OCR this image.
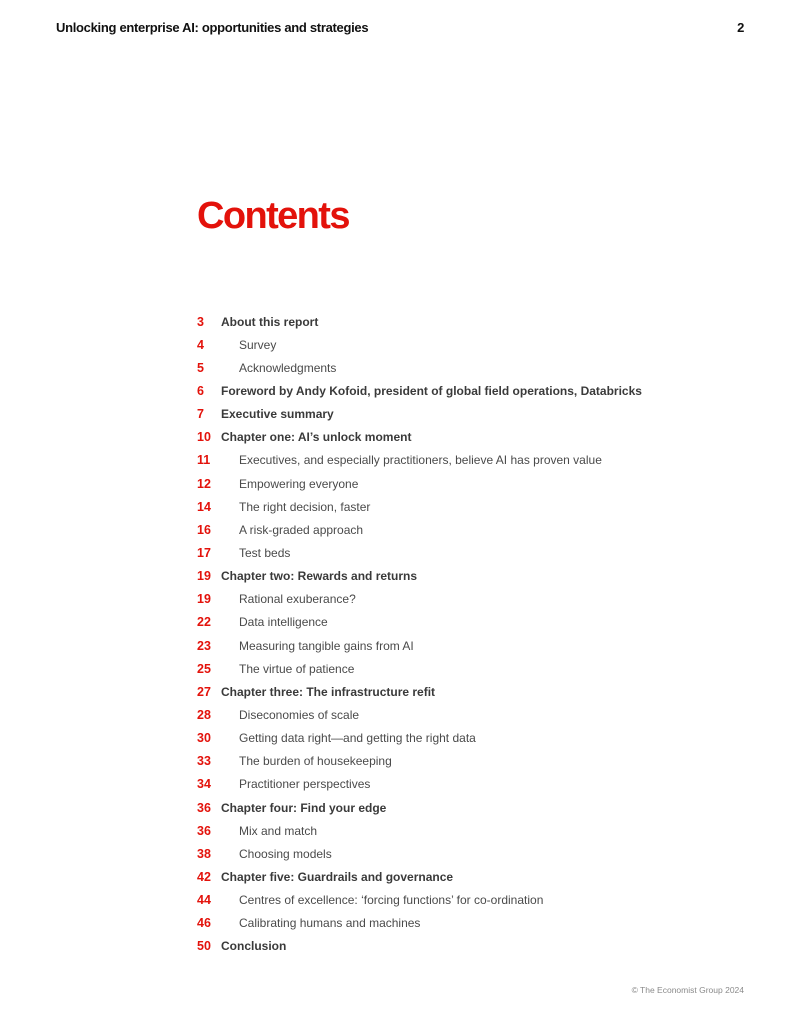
Unlocking enterprise AI: opportunities and strategies	2
Contents
3	About this report
4	Survey
5	Acknowledgments
6	Foreword by Andy Kofoid, president of global field operations, Databricks
7	Executive summary
10 Chapter one: AI’s unlock moment
11	Executives, and especially practitioners, believe AI has proven value
12	Empowering everyone
14	The right decision, faster
16	A risk-graded approach
17	Test beds
19 Chapter two: Rewards and returns
19	Rational exuberance?
22	Data intelligence
23	Measuring tangible gains from AI
25	The virtue of patience
27 Chapter three: The infrastructure refit
28	Diseconomies of scale
30	Getting data right—and getting the right data
33	The burden of housekeeping
34	Practitioner perspectives
36 Chapter four: Find your edge
36	Mix and match
38	Choosing models
42 Chapter five: Guardrails and governance
44	Centres of excellence: ‘forcing functions’ for co-ordination
46	Calibrating humans and machines
50 Conclusion
© The Economist Group 2024
